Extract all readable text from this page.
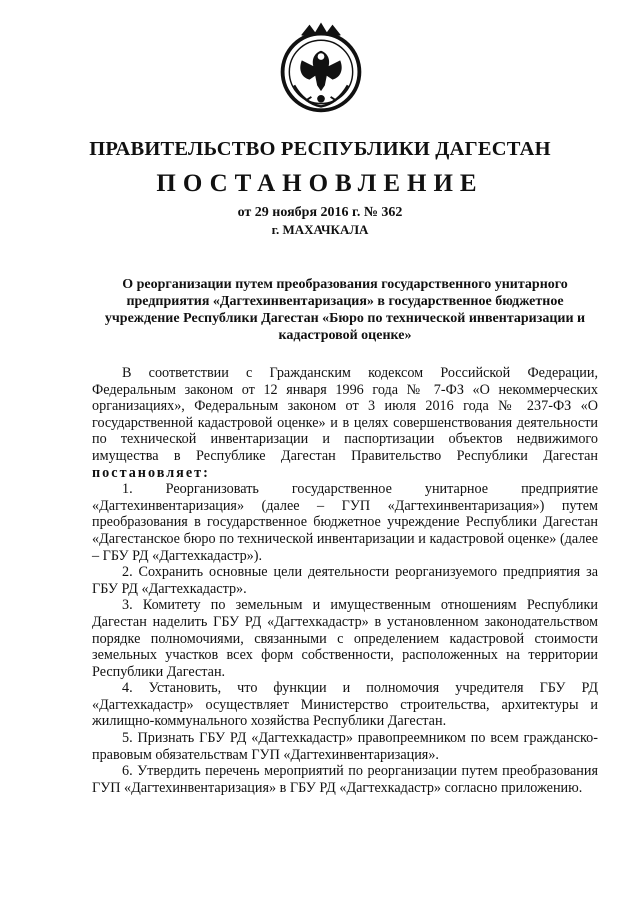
ПРАВИТЕЛЬСТВО РЕСПУБЛИКИ ДАГЕСТАН
ПОСТАНОВЛЕНИЕ
от 29 ноября 2016 г. № 362
г. МАХАЧКАЛА
О реорганизации путем преобразования государственного унитарного предприятия «Дагтехинвентаризация» в государственное бюджетное учреждение Республики Дагестан «Бюро по технической инвентаризации и кадастровой оценке»

В соответствии с Гражданским кодексом Российской Федерации, Федеральным законом от 12 января 1996 года № 7-ФЗ «О некоммерческих организациях», Федеральным законом от 3 июля 2016 года № 237-ФЗ «О государственной кадастровой оценке» и в целях совершенствования деятельности по технической инвентаризации и паспортизации объектов недвижимого имущества в Республике Дагестан Правительство Республики Дагестан постановляет:

1. Реорганизовать государственное унитарное предприятие «Дагтехинвентаризация» (далее – ГУП «Дагтехинвентаризация») путем преобразования в государственное бюджетное учреждение Республики Дагестан «Дагестанское бюро по технической инвентаризации и кадастровой оценке» (далее – ГБУ РД «Дагтехкадастр»).

2. Сохранить основные цели деятельности реорганизуемого предприятия за ГБУ РД «Дагтехкадастр».

3. Комитету по земельным и имущественным отношениям Республики Дагестан наделить ГБУ РД «Дагтехкадастр» в установленном законодательством порядке полномочиями, связанными с определением кадастровой стоимости земельных участков всех форм собственности, расположенных на территории Республики Дагестан.

4. Установить, что функции и полномочия учредителя ГБУ РД «Дагтехкадастр» осуществляет Министерство строительства, архитектуры и жилищно-коммунального хозяйства Республики Дагестан.

5. Признать ГБУ РД «Дагтехкадастр» правопреемником по всем гражданско-правовым обязательствам ГУП «Дагтехинвентаризация».

6. Утвердить перечень мероприятий по реорганизации путем преобразования ГУП «Дагтехинвентаризация» в ГБУ РД «Дагтехкадастр» согласно приложению.
